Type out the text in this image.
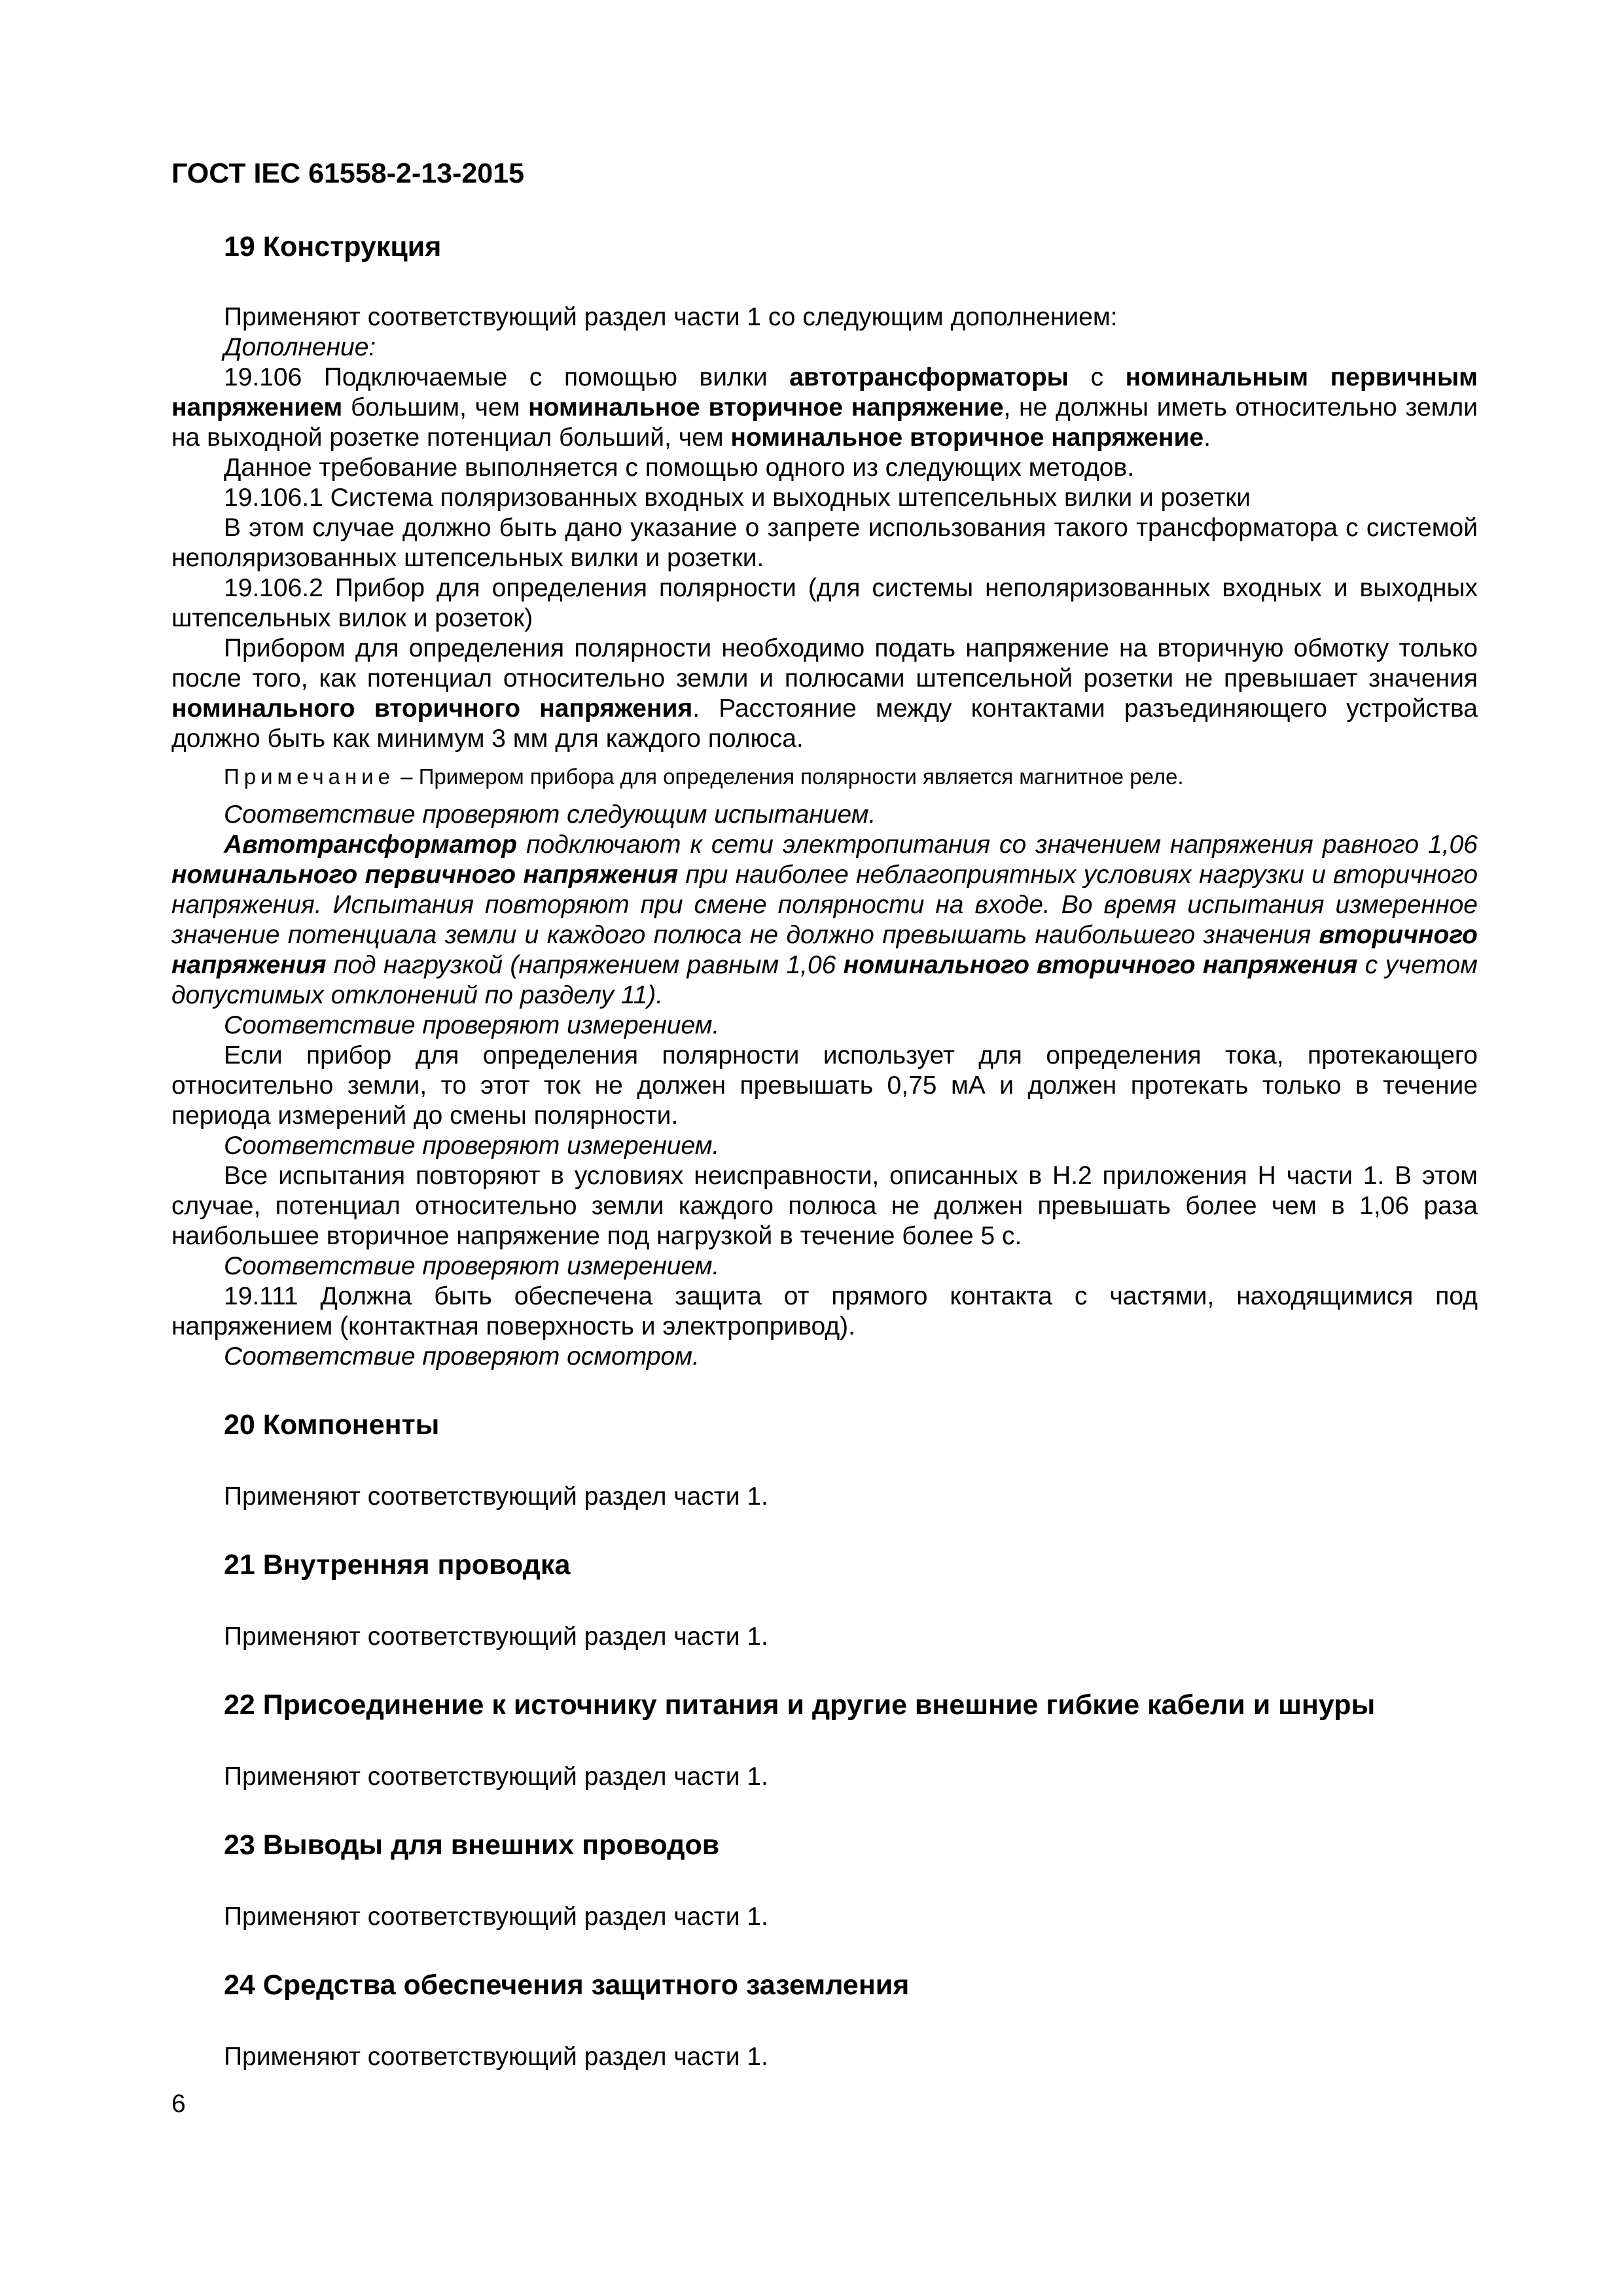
ГОСТ IEC 61558-2-13-2015
19 Конструкция

Применяют соответствующий раздел части 1 со следующим дополнением:

Дополнение:

19.106 Подключаемые с помощью вилки автотрансформаторы с номинальным первичным напряжением большим, чем номинальное вторичное напряжение, не должны иметь относительно земли на выходной розетке потенциал больший, чем номинальное вторичное напряжение.

Данное требование выполняется с помощью одного из следующих методов.

19.106.1 Система поляризованных входных и выходных штепсельных вилки и розетки

В этом случае должно быть дано указание о запрете использования такого трансформатора с системой неполяризованных штепсельных вилки и розетки.

19.106.2 Прибор для определения полярности (для системы неполяризованных входных и выходных штепсельных вилок и розеток)

Прибором для определения полярности необходимо подать напряжение на вторичную обмотку только после того, как потенциал относительно земли и полюсами штепсельной розетки не превышает значения номинального вторичного напряжения. Расстояние между контактами разъединяющего устройства должно быть как минимум 3 мм для каждого полюса.

Примечание – Примером прибора для определения полярности является магнитное реле.

Соответствие проверяют следующим испытанием.

Автотрансформатор подключают к сети электропитания со значением напряжения равного 1,06 номинального первичного напряжения при наиболее неблагоприятных условиях нагрузки и вторичного напряжения. Испытания повторяют при смене полярности на входе. Во время испытания измеренное значение потенциала земли и каждого полюса не должно превышать наибольшего значения вторичного напряжения под нагрузкой (напряжением равным 1,06 номинального вторичного напряжения с учетом допустимых отклонений по разделу 11).

Соответствие проверяют измерением.

Если прибор для определения полярности использует для определения тока, протекающего относительно земли, то этот ток не должен превышать 0,75 мА и должен протекать только в течение периода измерений до смены полярности.

Соответствие проверяют измерением.

Все испытания повторяют в условиях неисправности, описанных в Н.2 приложения Н части 1. В этом случае, потенциал относительно земли каждого полюса не должен превышать более чем в 1,06 раза наибольшее вторичное напряжение под нагрузкой в течение более 5 с.

Соответствие проверяют измерением.

19.111 Должна быть обеспечена защита от прямого контакта с частями, находящимися под напряжением (контактная поверхность и электропривод).

Соответствие проверяют осмотром.

20 Компоненты

Применяют соответствующий раздел части 1.

21 Внутренняя проводка

Применяют соответствующий раздел части 1.

22 Присоединение к источнику питания и другие внешние гибкие кабели и шнуры

Применяют соответствующий раздел части 1.

23 Выводы для внешних проводов

Применяют соответствующий раздел части 1.

24 Средства обеспечения защитного заземления

Применяют соответствующий раздел части 1.

6
